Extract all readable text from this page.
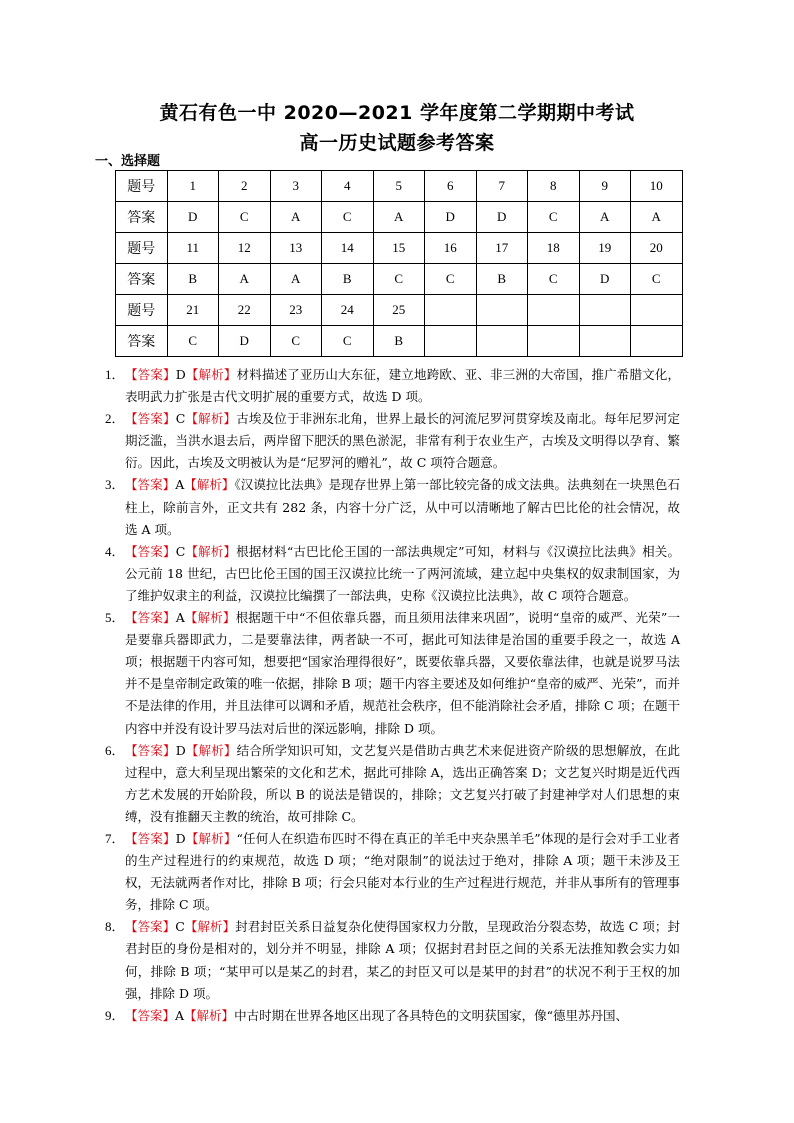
黄石有色一中 2020—2021 学年度第二学期期中考试
高一历史试题参考答案
一、选择题
题号	1	2	3	4	5	6	7	8	9	10
答案	D	C	A	C	A	D	D	C	A	A
题号	11	12	13	14	15	16	17	18	19	20
答案	B	A	A	B	C	C	B	C	D	C
题号	21	22	23	24	25					
答案	C	D	C	C	B					
1． 【答案】D【解析】材料描述了亚历山大东征，建立地跨欧、亚、非三洲的大帝国，推广希腊文化，表明武力扩张是古代文明扩展的重要方式，故选 D 项。
2． 【答案】C【解析】古埃及位于非洲东北角，世界上最长的河流尼罗河贯穿埃及南北。每年尼罗河定期泛滥，当洪水退去后，两岸留下肥沃的黑色淤泥，非常有利于农业生产，古埃及文明得以孕育、繁衍。因此，古埃及文明被认为是“尼罗河的赠礼”，故 C 项符合题意。
3． 【答案】A【解析】《汉谟拉比法典》是现存世界上第一部比较完备的成文法典。法典刻在一块黑色石柱上，除前言外，正文共有 282 条，内容十分广泛，从中可以清晰地了解古巴比伦的社会情况，故选 A 项。
4． 【答案】C【解析】根据材料“古巴比伦王国的一部法典规定”可知，材料与《汉谟拉比法典》相关。公元前 18 世纪，古巴比伦王国的国王汉谟拉比统一了两河流域，建立起中央集权的奴隶制国家，为了维护奴隶主的利益，汉谟拉比编撰了一部法典，史称《汉谟拉比法典》，故 C 项符合题意。
5． 【答案】A【解析】根据题干中“不但依靠兵器，而且须用法律来巩固”，说明“皇帝的威严、光荣”一是要靠兵器即武力，二是要靠法律，两者缺一不可，据此可知法律是治国的重要手段之一，故选 A 项；根据题干内容可知，想要把“国家治理得很好”，既要依靠兵器，又要依靠法律，也就是说罗马法并不是皇帝制定政策的唯一依据，排除 B 项；题干内容主要述及如何维护“皇帝的威严、光荣”，而并不是法律的作用，并且法律可以调和矛盾，规范社会秩序，但不能消除社会矛盾，排除 C 项；在题干内容中并没有设计罗马法对后世的深远影响，排除 D 项。
6． 【答案】D【解析】结合所学知识可知，文艺复兴是借助古典艺术来促进资产阶级的思想解放，在此过程中，意大利呈现出繁荣的文化和艺术，据此可排除 A，选出正确答案 D；文艺复兴时期是近代西方艺术发展的开始阶段，所以 B 的说法是错误的，排除；文艺复兴打破了封建神学对人们思想的束缚，没有推翻天主教的统治，故可排除 C。
7． 【答案】D【解析】“任何人在织造布匹时不得在真正的羊毛中夹杂黑羊毛”体现的是行会对手工业者的生产过程进行的约束规范，故选 D 项；“绝对限制”的说法过于绝对，排除 A 项；题干未涉及王权，无法就两者作对比，排除 B 项；行会只能对本行业的生产过程进行规范，并非从事所有的管理事务，排除 C 项。
8． 【答案】C【解析】封君封臣关系日益复杂化使得国家权力分散，呈现政治分裂态势，故选 C 项；封君封臣的身份是相对的，划分并不明显，排除 A 项；仅据封君封臣之间的关系无法推知教会实力如何，排除 B 项；“某甲可以是某乙的封君，某乙的封臣又可以是某甲的封君”的状况不利于王权的加强，排除 D 项。
9． 【答案】A【解析】中古时期在世界各地区出现了各具特色的文明获国家，像“德里苏丹国、
